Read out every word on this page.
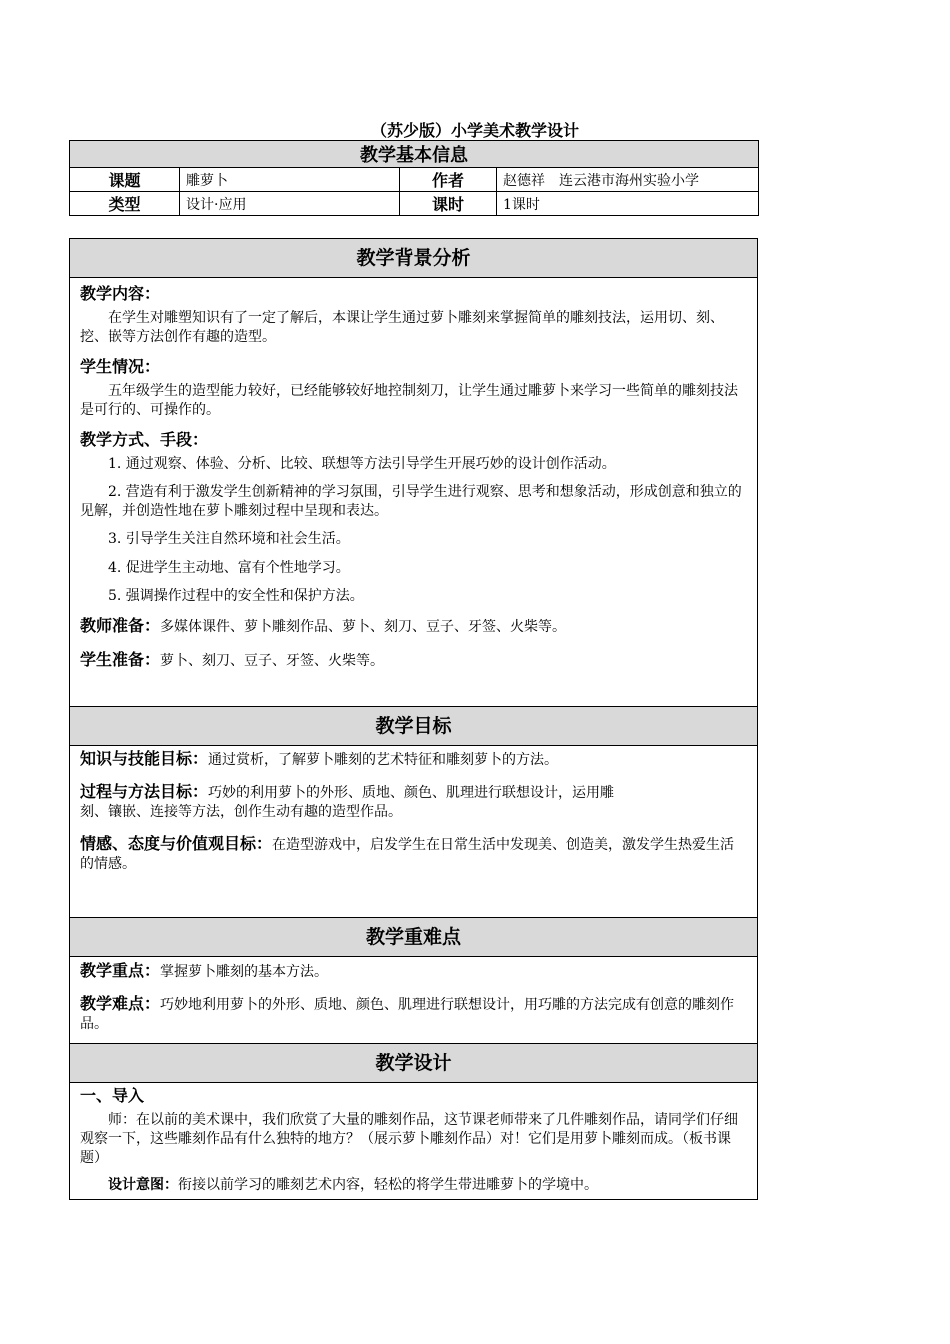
（苏少版）小学美术教学设计
教学基本信息			
课题	雕萝卜	作者	赵德祥　连云港市海州实验小学
类型	设计·应用	课时	1课时
教学背景分析
教学内容：

在学生对雕塑知识有了一定了解后，本课让学生通过萝卜雕刻来掌握简单的雕刻技法，运用切、刻、挖、嵌等方法创作有趣的造型。

学生情况：

五年级学生的造型能力较好，已经能够较好地控制刻刀，让学生通过雕萝卜来学习一些简单的雕刻技法是可行的、可操作的。

教学方式、手段：

1. 通过观察、体验、分析、比较、联想等方法引导学生开展巧妙的设计创作活动。

2. 营造有利于激发学生创新精神的学习氛围，引导学生进行观察、思考和想象活动，形成创意和独立的见解，并创造性地在萝卜雕刻过程中呈现和表达。

3. 引导学生关注自然环境和社会生活。

4. 促进学生主动地、富有个性地学习。

5. 强调操作过程中的安全性和保护方法。

教师准备：多媒体课件、萝卜雕刻作品、萝卜、刻刀、豆子、牙签、火柴等。

学生准备：萝卜、刻刀、豆子、牙签、火柴等。

教学目标

知识与技能目标：通过赏析，了解萝卜雕刻的艺术特征和雕刻萝卜的方法。

过程与方法目标：巧妙的利用萝卜的外形、质地、颜色、肌理进行联想设计，运用雕
刻、镶嵌、连接等方法，创作生动有趣的造型作品。

情感、态度与价值观目标：在造型游戏中，启发学生在日常生活中发现美、创造美，激发学生热爱生活的情感。

教学重难点

教学重点：掌握萝卜雕刻的基本方法。

教学难点：巧妙地利用萝卜的外形、质地、颜色、肌理进行联想设计，用巧雕的方法完成有创意的雕刻作品。

教学设计
一、导入

师：在以前的美术课中，我们欣赏了大量的雕刻作品，这节课老师带来了几件雕刻作品，请同学们仔细观察一下，这些雕刻作品有什么独特的地方？（展示萝卜雕刻作品）对！它们是用萝卜雕刻而成。（板书课题）

设计意图：衔接以前学习的雕刻艺术内容，轻松的将学生带进雕萝卜的学境中。
